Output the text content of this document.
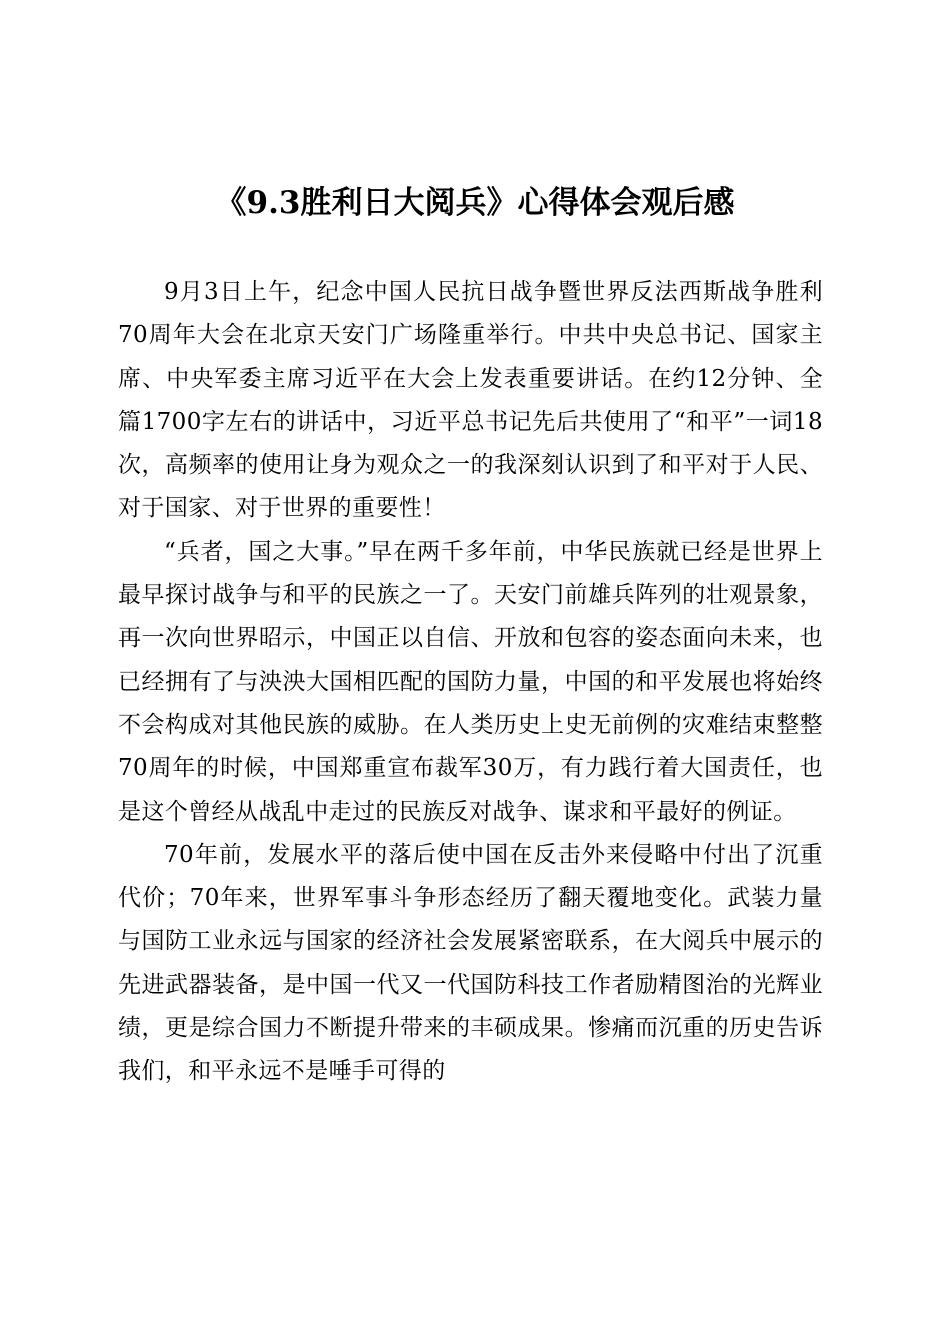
《9.3胜利日大阅兵》心得体会观后感

9月3日上午，纪念中国人民抗日战争暨世界反法西斯战争胜利70周年大会在北京天安门广场隆重举行。中共中央总书记、国家主席、中央军委主席习近平在大会上发表重要讲话。在约12分钟、全篇1700字左右的讲话中，习近平总书记先后共使用了“和平”一词18次，高频率的使用让身为观众之一的我深刻认识到了和平对于人民、对于国家、对于世界的重要性！

“兵者，国之大事。”早在两千多年前，中华民族就已经是世界上最早探讨战争与和平的民族之一了。天安门前雄兵阵列的壮观景象，再一次向世界昭示，中国正以自信、开放和包容的姿态面向未来，也已经拥有了与泱泱大国相匹配的国防力量，中国的和平发展也将始终不会构成对其他民族的威胁。在人类历史上史无前例的灾难结束整整70周年的时候，中国郑重宣布裁军30万，有力践行着大国责任，也是这个曾经从战乱中走过的民族反对战争、谋求和平最好的例证。

70年前，发展水平的落后使中国在反击外来侵略中付出了沉重代价；70年来，世界军事斗争形态经历了翻天覆地变化。武装力量与国防工业永远与国家的经济社会发展紧密联系，在大阅兵中展示的先进武器装备，是中国一代又一代国防科技工作者励精图治的光辉业绩，更是综合国力不断提升带来的丰硕成果。惨痛而沉重的历史告诉我们，和平永远不是唾手可得的
